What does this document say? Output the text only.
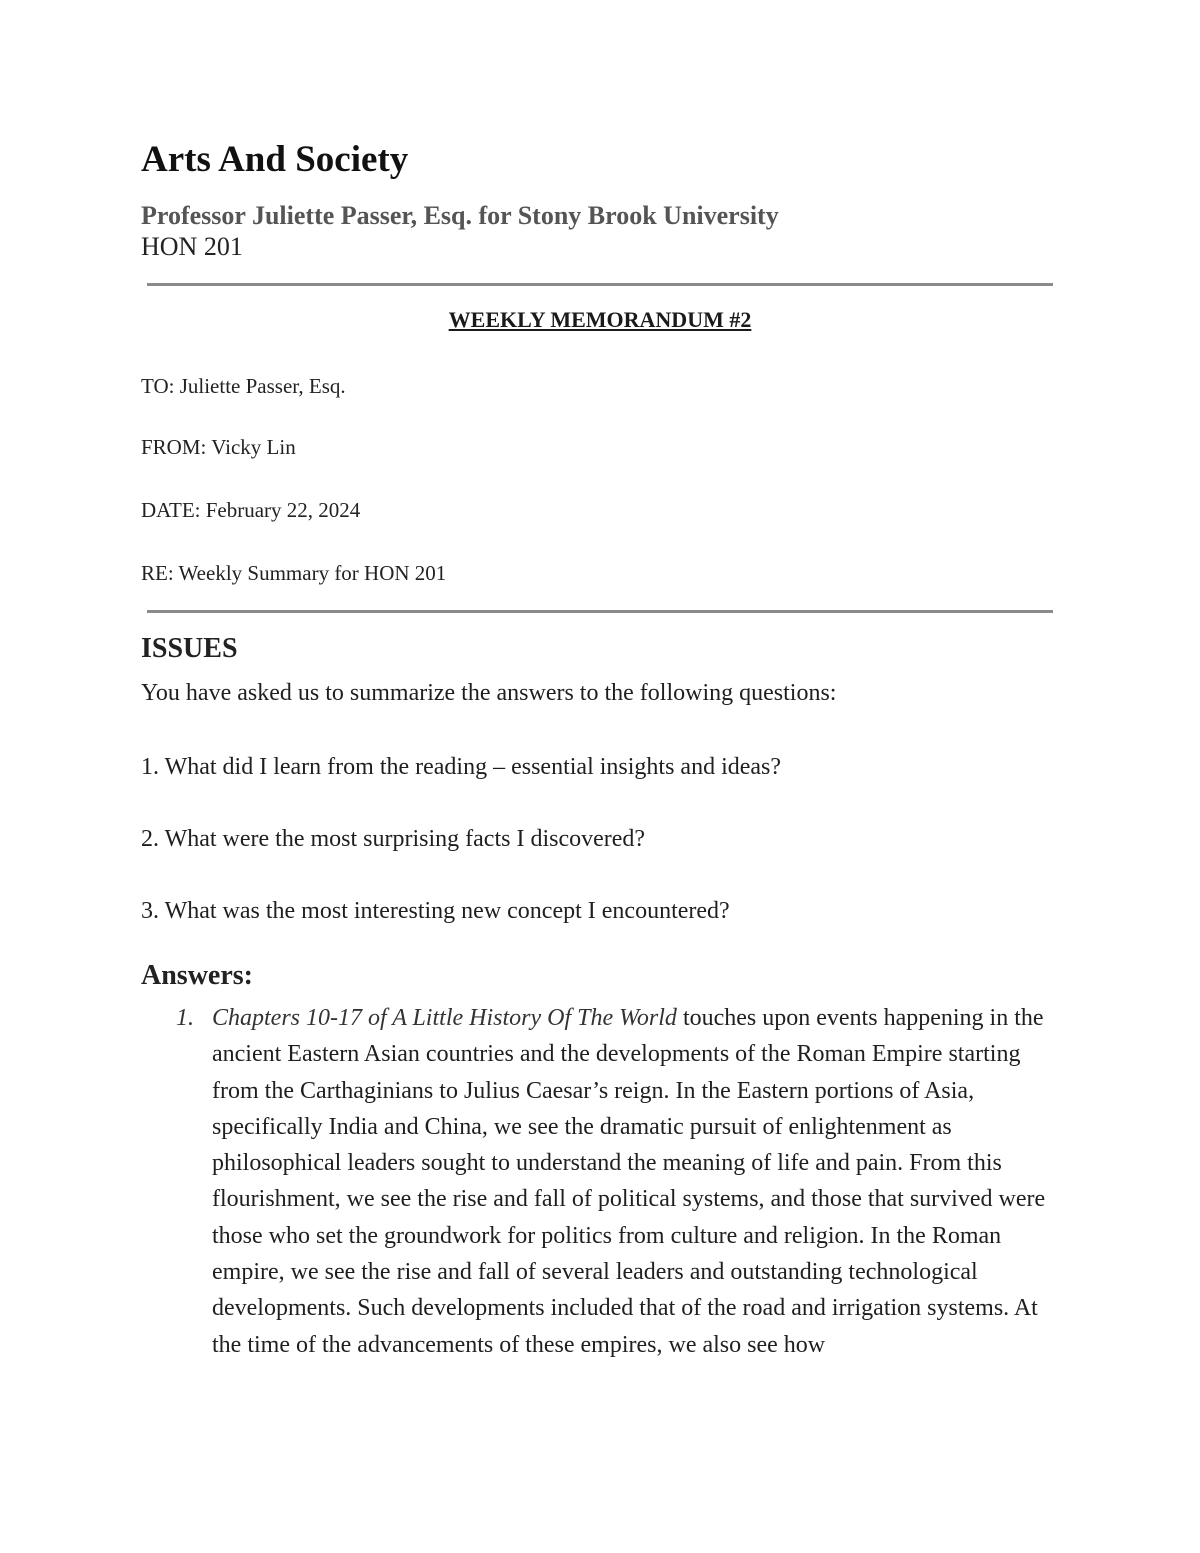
Arts And Society
Professor Juliette Passer, Esq. for Stony Brook University
HON 201
WEEKLY MEMORANDUM #2
TO: Juliette Passer, Esq.
FROM: Vicky Lin
DATE: February 22, 2024
RE: Weekly Summary for HON 201
ISSUES
You have asked us to summarize the answers to the following questions:
1. What did I learn from the reading – essential insights and ideas?
2. What were the most surprising facts I discovered?
3. What was the most interesting new concept I encountered?
Answers:
1. Chapters 10-17 of A Little History Of The World touches upon events happening in the ancient Eastern Asian countries and the developments of the Roman Empire starting from the Carthaginians to Julius Caesar’s reign. In the Eastern portions of Asia, specifically India and China, we see the dramatic pursuit of enlightenment as philosophical leaders sought to understand the meaning of life and pain. From this flourishment, we see the rise and fall of political systems, and those that survived were those who set the groundwork for politics from culture and religion. In the Roman empire, we see the rise and fall of several leaders and outstanding technological developments. Such developments included that of the road and irrigation systems. At the time of the advancements of these empires, we also see how
